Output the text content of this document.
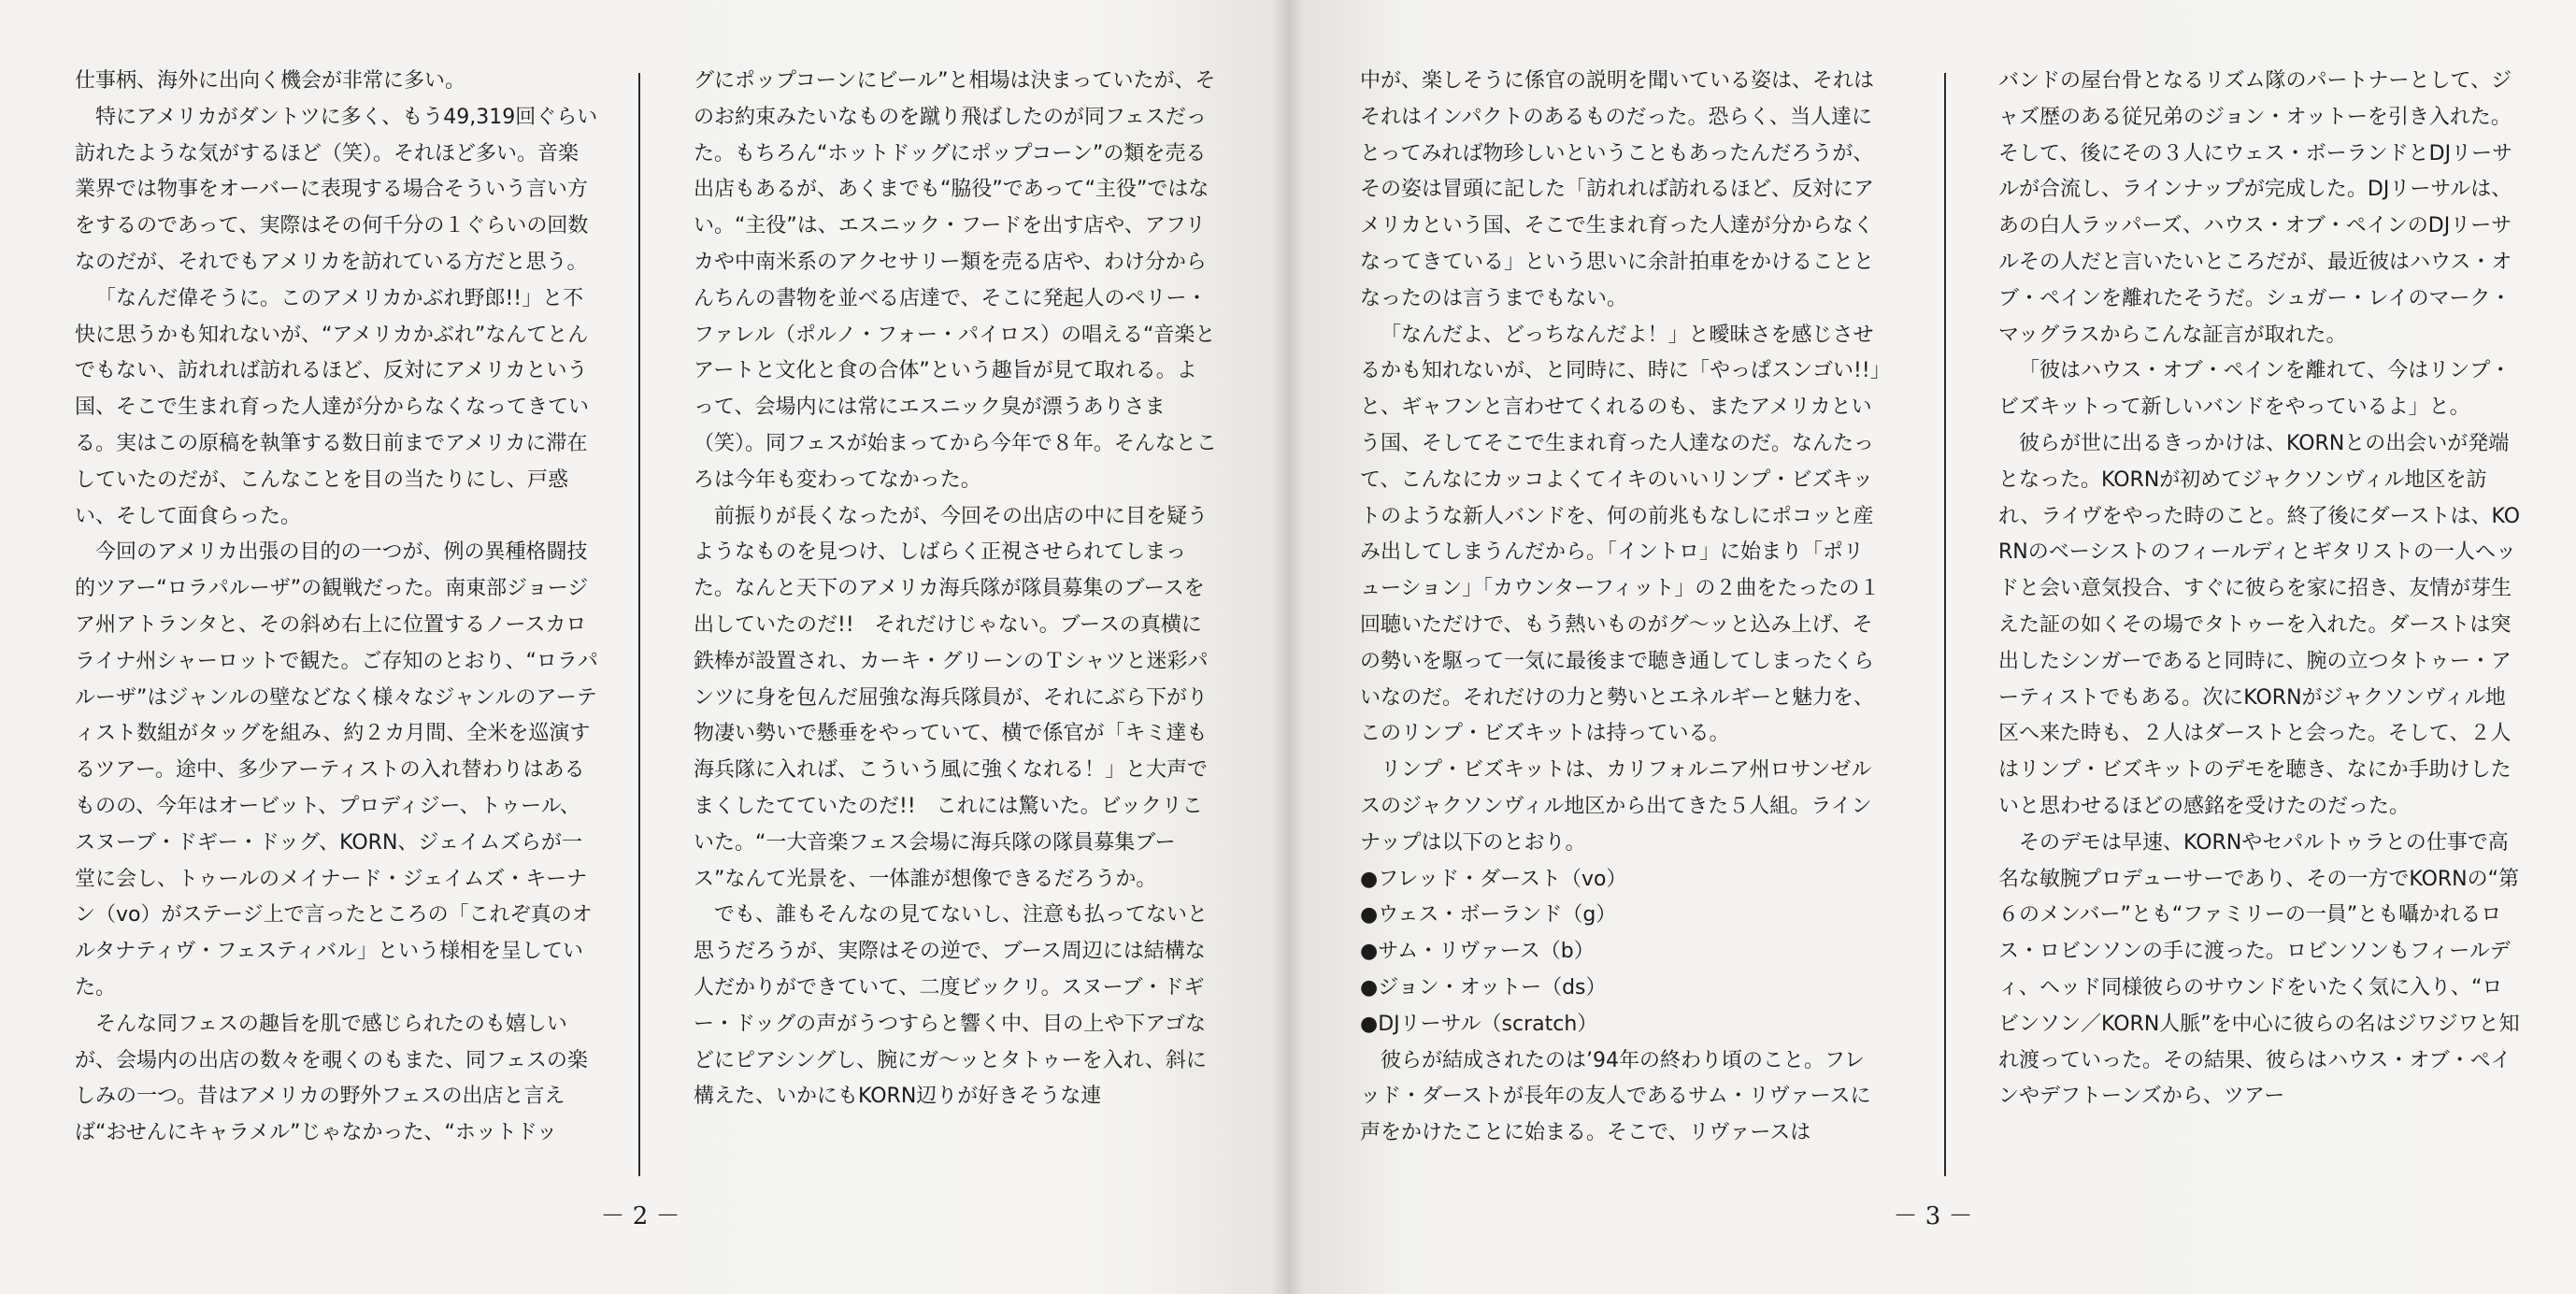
仕事柄、海外に出向く機会が非常に多い。

特にアメリカがダントツに多く、もう49,319回ぐらい訪れたような気がするほど（笑）。それほど多い。音楽業界では物事をオーバーに表現する場合そういう言い方をするのであって、実際はその何千分の１ぐらいの回数なのだが、それでもアメリカを訪れている方だと思う。

「なんだ偉そうに。このアメリカかぶれ野郎!!」と不快に思うかも知れないが、“アメリカかぶれ”なんてとんでもない、訪れれば訪れるほど、反対にアメリカという国、そこで生まれ育った人達が分からなくなってきている。実はこの原稿を執筆する数日前までアメリカに滞在していたのだが、こんなことを目の当たりにし、戸惑い、そして面食らった。

今回のアメリカ出張の目的の一つが、例の異種格闘技的ツアー“ロラパルーザ”の観戦だった。南東部ジョージア州アトランタと、その斜め右上に位置するノースカロライナ州シャーロットで観た。ご存知のとおり、“ロラパルーザ”はジャンルの壁などなく様々なジャンルのアーティスト数組がタッグを組み、約２カ月間、全米を巡演するツアー。途中、多少アーティストの入れ替わりはあるものの、今年はオービット、プロディジー、トゥール、スヌーブ・ドギー・ドッグ、KORN、ジェイムズらが一堂に会し、トゥールのメイナード・ジェイムズ・キーナン（vo）がステージ上で言ったところの「これぞ真のオルタナティヴ・フェスティバル」という様相を呈していた。

そんな同フェスの趣旨を肌で感じられたのも嬉しいが、会場内の出店の数々を覗くのもまた、同フェスの楽しみの一つ。昔はアメリカの野外フェスの出店と言えば“おせんにキャラメル”じゃなかった、“ホットドッ

グにポップコーンにビール”と相場は決まっていたが、そのお約束みたいなものを蹴り飛ばしたのが同フェスだった。もちろん“ホットドッグにポップコーン”の類を売る出店もあるが、あくまでも“脇役”であって“主役”ではない。“主役”は、エスニック・フードを出す店や、アフリカや中南米系のアクセサリー類を売る店や、わけ分からんちんの書物を並べる店達で、そこに発起人のペリー・ファレル（ポルノ・フォー・パイロス）の唱える“音楽とアートと文化と食の合体”という趣旨が見て取れる。よって、会場内には常にエスニック臭が漂うありさま（笑）。同フェスが始まってから今年で８年。そんなところは今年も変わってなかった。

前振りが長くなったが、今回その出店の中に目を疑うようなものを見つけ、しばらく正視させられてしまった。なんと天下のアメリカ海兵隊が隊員募集のブースを出していたのだ!!　それだけじゃない。ブースの真横に鉄棒が設置され、カーキ・グリーンのＴシャツと迷彩パンツに身を包んだ屈強な海兵隊員が、それにぶら下がり物凄い勢いで懸垂をやっていて、横で係官が「キミ達も海兵隊に入れば、こういう風に強くなれる！」と大声でまくしたてていたのだ!!　これには驚いた。ビックリこいた。“一大音楽フェス会場に海兵隊の隊員募集ブース”なんて光景を、一体誰が想像できるだろうか。

でも、誰もそんなの見てないし、注意も払ってないと思うだろうが、実際はその逆で、ブース周辺には結構な人だかりができていて、二度ビックリ。スヌーブ・ドギー・ドッグの声がうつすらと響く中、目の上や下アゴなどにピアシングし、腕にガ～ッとタトゥーを入れ、斜に構えた、いかにもKORN辺りが好きそうな連

－ 2 －

中が、楽しそうに係官の説明を聞いている姿は、それはそれはインパクトのあるものだった。恐らく、当人達にとってみれば物珍しいということもあったんだろうが、その姿は冒頭に記した「訪れれば訪れるほど、反対にアメリカという国、そこで生まれ育った人達が分からなくなってきている」という思いに余計拍車をかけることとなったのは言うまでもない。

「なんだよ、どっちなんだよ！」と曖昧さを感じさせるかも知れないが、と同時に、時に「やっぱスンゴい!!」と、ギャフンと言わせてくれるのも、またアメリカという国、そしてそこで生まれ育った人達なのだ。なんたって、こんなにカッコよくてイキのいいリンプ・ビズキットのような新人バンドを、何の前兆もなしにポコッと産み出してしまうんだから。「イントロ」に始まり「ポリューション」「カウンターフィット」の２曲をたったの１回聴いただけで、もう熱いものがグ～ッと込み上げ、その勢いを駆って一気に最後まで聴き通してしまったくらいなのだ。それだけの力と勢いとエネルギーと魅力を、このリンプ・ビズキットは持っている。

リンプ・ビズキットは、カリフォルニア州ロサンゼルスのジャクソンヴィル地区から出てきた５人組。ラインナップは以下のとおり。

●フレッド・ダースト（vo）
●ウェス・ボーランド（g）
●サム・リヴァース（b）
●ジョン・オットー（ds）
●DJリーサル（scratch）

彼らが結成されたのは’94年の終わり頃のこと。フレッド・ダーストが長年の友人であるサム・リヴァースに声をかけたことに始まる。そこで、リヴァースは

バンドの屋台骨となるリズム隊のパートナーとして、ジャズ歴のある従兄弟のジョン・オットーを引き入れた。そして、後にその３人にウェス・ボーランドとDJリーサルが合流し、ラインナップが完成した。DJリーサルは、あの白人ラッパーズ、ハウス・オブ・ペインのDJリーサルその人だと言いたいところだが、最近彼はハウス・オブ・ペインを離れたそうだ。シュガー・レイのマーク・マッグラスからこんな証言が取れた。

「彼はハウス・オブ・ペインを離れて、今はリンプ・ビズキットって新しいバンドをやっているよ」と。

彼らが世に出るきっかけは、KORNとの出会いが発端となった。KORNが初めてジャクソンヴィル地区を訪れ、ライヴをやった時のこと。終了後にダーストは、KORNのベーシストのフィールディとギタリストの一人ヘッドと会い意気投合、すぐに彼らを家に招き、友情が芽生えた証の如くその場でタトゥーを入れた。ダーストは突出したシンガーであると同時に、腕の立つタトゥー・アーティストでもある。次にKORNがジャクソンヴィル地区へ来た時も、２人はダーストと会った。そして、２人はリンプ・ビズキットのデモを聴き、なにか手助けしたいと思わせるほどの感銘を受けたのだった。

そのデモは早速、KORNやセパルトゥラとの仕事で高名な敏腕プロデューサーであり、その一方でKORNの“第６のメンバー”とも“ファミリーの一員”とも囁かれるロス・ロビンソンの手に渡った。ロビンソンもフィールディ、ヘッド同様彼らのサウンドをいたく気に入り、“ロビンソン／KORN人脈”を中心に彼らの名はジワジワと知れ渡っていった。その結果、彼らはハウス・オブ・ペインやデフトーンズから、ツアー

－ 3 －
